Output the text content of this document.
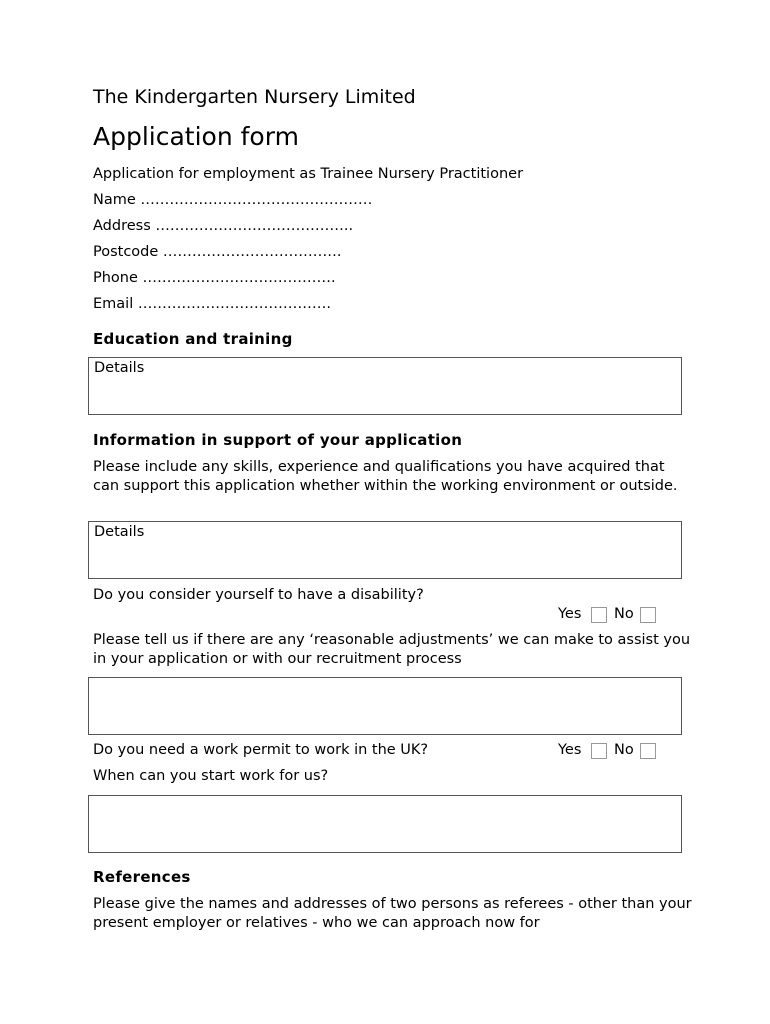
The Kindergarten Nursery Limited
Application form
Application for employment as Trainee Nursery Practitioner
Name …………………………………………
Address …………………………………..
Postcode ……………………………….
Phone ………………………………….
Email ………………………………….
Education and training
Details
Information in support of your application
Please include any skills, experience and qualifications you have acquired that can support this application whether within the working environment or outside.
Details
Do you consider yourself to have a disability?
Yes No
Please tell us if there are any ‘reasonable adjustments’ we can make to assist you in your application or with our recruitment process
Do you need a work permit to work in the UK?	Yes No
When can you start work for us?
References
Please give the names and addresses of two persons as referees - other than your present employer or relatives - who we can approach now for
